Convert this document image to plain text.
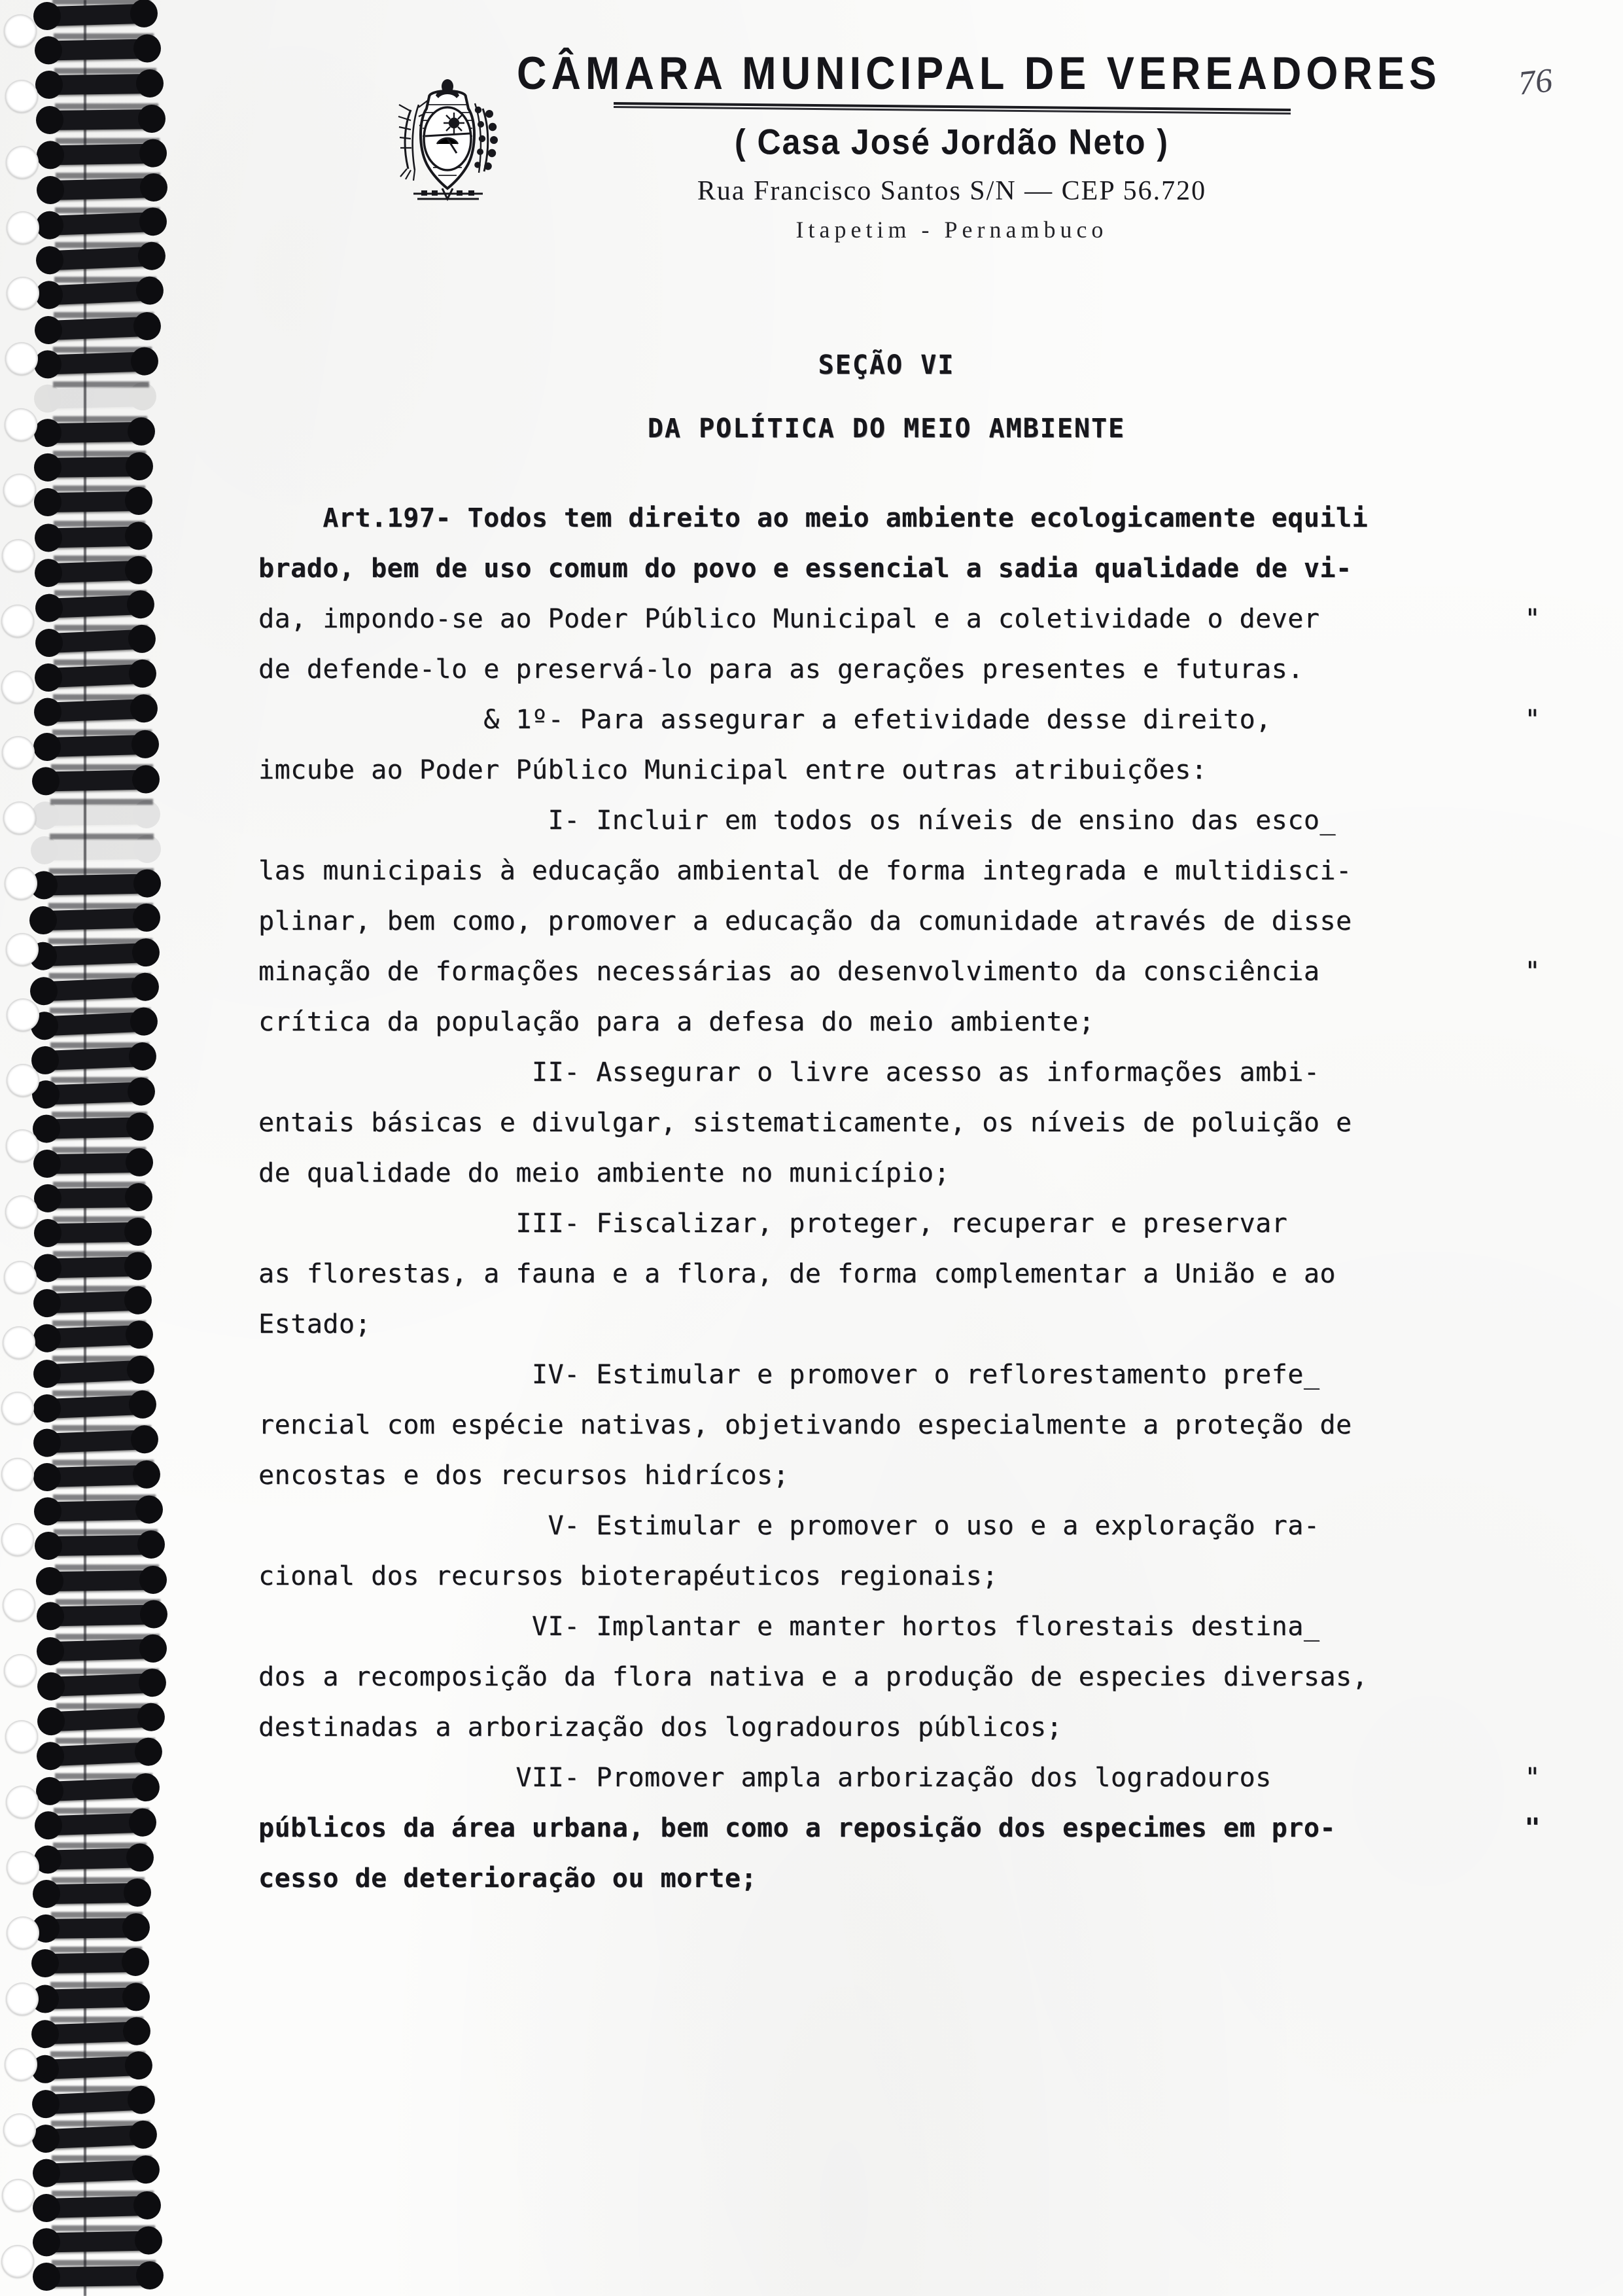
CÂMARA MUNICIPAL DE VEREADORES
( Casa José Jordão Neto )
Rua Francisco Santos S/N — CEP 56.720
Itapetim - Pernambuco
76
SEÇÃO VI
DA POLÍTICA DO MEIO AMBIENTE
Art.197- Todos tem direito ao meio ambiente ecologicamente equili
brado, bem de uso comum do povo e essencial a sadia qualidade de vi-
da, impondo-se ao Poder Público Municipal e a coletividade o dever	"
de defende-lo e preservá-lo para as gerações presentes e futuras.
& 1º- Para assegurar a efetividade desse direito,	"
imcube ao Poder Público Municipal entre outras atribuições:
I- Incluir em todos os níveis de ensino das esco_
las municipais à educação ambiental de forma integrada e multidisci-
plinar, bem como, promover a educação da comunidade através de disse
minação de formações necessárias ao desenvolvimento da consciência	"
crítica da população para a defesa do meio ambiente;
II- Assegurar o livre acesso as informações ambi-
entais básicas e divulgar, sistematicamente, os níveis de poluição e
de qualidade do meio ambiente no município;
III- Fiscalizar, proteger, recuperar e preservar
as florestas, a fauna e a flora, de forma complementar a União e ao
Estado;
IV- Estimular e promover o reflorestamento prefe_
rencial com espécie nativas, objetivando especialmente a proteção de
encostas e dos recursos hidrícos;
V- Estimular e promover o uso e a exploração ra-
cional dos recursos bioterapéuticos regionais;
VI- Implantar e manter hortos florestais destina_
dos a recomposição da flora nativa e a produção de especies diversas,
destinadas a arborização dos logradouros públicos;
VII- Promover ampla arborização dos logradouros	"
públicos da área urbana, bem como a reposição dos especimes em pro-	"
cesso de deterioração ou morte;
